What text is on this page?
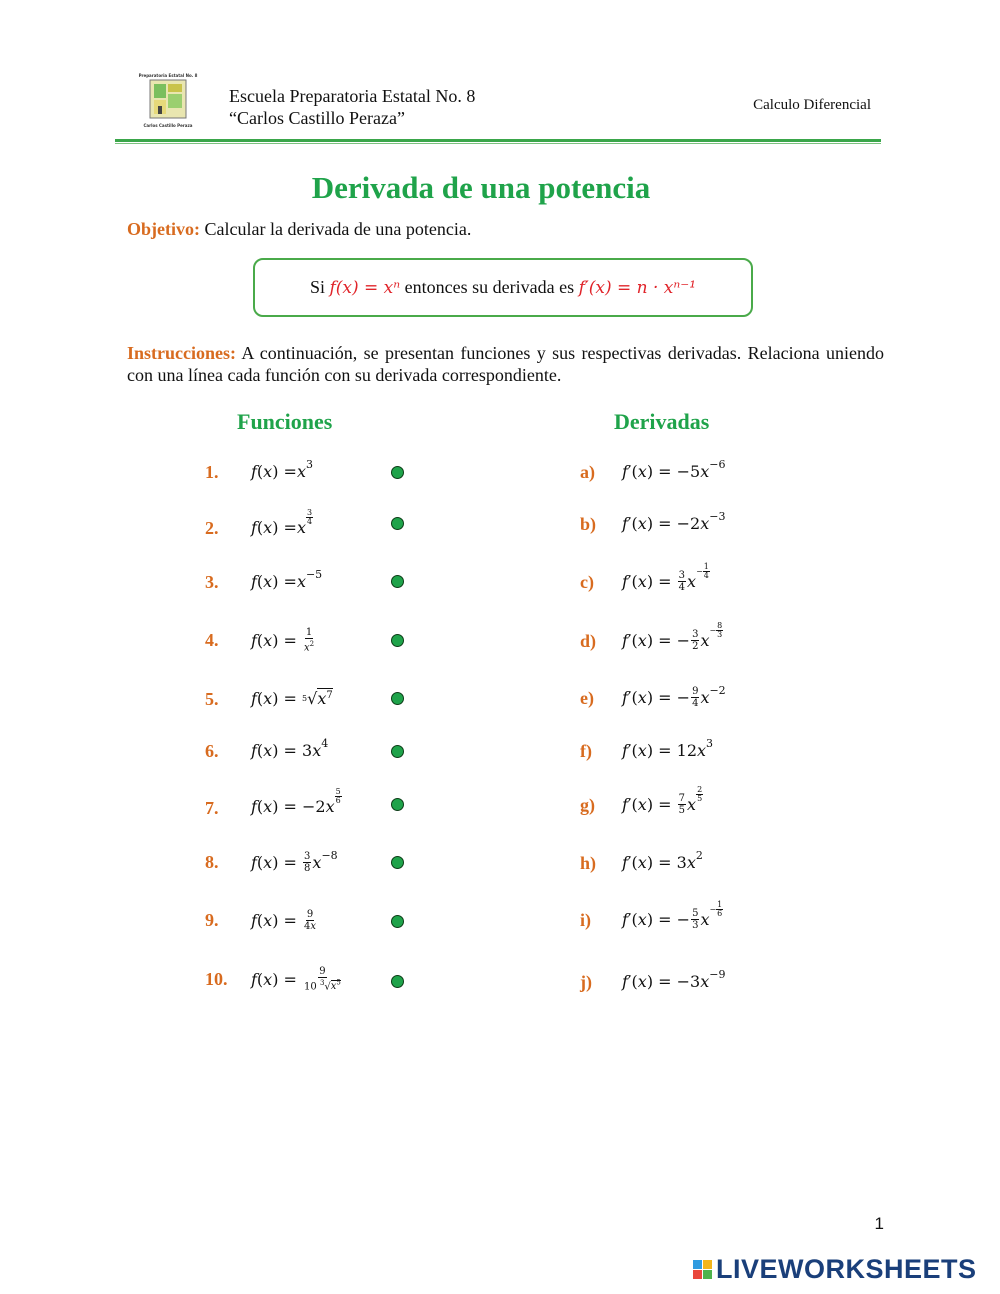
Preparatoria Estatal No. 8
Carlos Castillo Peraza
Escuela Preparatoria Estatal No. 8
“Carlos Castillo Peraza”
Calculo Diferencial
Derivada de una potencia
Objetivo: Calcular la derivada de una potencia.
Si
f(x) = xⁿ
entonces su derivada es
f′(x) = n · xⁿ⁻¹
Instrucciones: A continuación, se presentan funciones y sus respectivas derivadas. Relaciona uniendo con una línea cada función con su derivada correspondiente.
Funciones	Derivadas
1. f ( x ) = x 3
2. f ( x ) = x
3
4
3. f ( x ) = x −5
4. f ( x ) = $\frac{1}{x^2}$
5. f ( x ) = 5 √ $x^7$
6. f ( x ) = 3 x 4
7. f ( x ) = −2 x
5
6
8. f ( x ) = $\frac{3}{8}$ x −8
9. f ( x ) = $\frac{9}{4x}$
10. f ( x ) = $\frac{9}{10 ^3√x^5}$
a) f ′( x ) = −5 x −6
b) f ′( x ) = −2 x −3
c) f ′( x ) = $\frac{3}{4}$ x
− $\frac{1}{4}$
d) f ′( x ) = − $\frac{3}{2}$ x
− $\frac{8}{3}$
e) f ′( x ) = − $\frac{9}{4}$ x −2
f) f ′( x ) = 12 x 3
g) f ′( x ) = $\frac{7}{5}$ x
2
5
h) f ′( x ) = 3 x 2
i) f ′( x ) = − $\frac{5}{3}$ x
− $\frac{1}{6}$
j) f ′( x ) = −3 x −9
1
LIVEWORKSHEETS
